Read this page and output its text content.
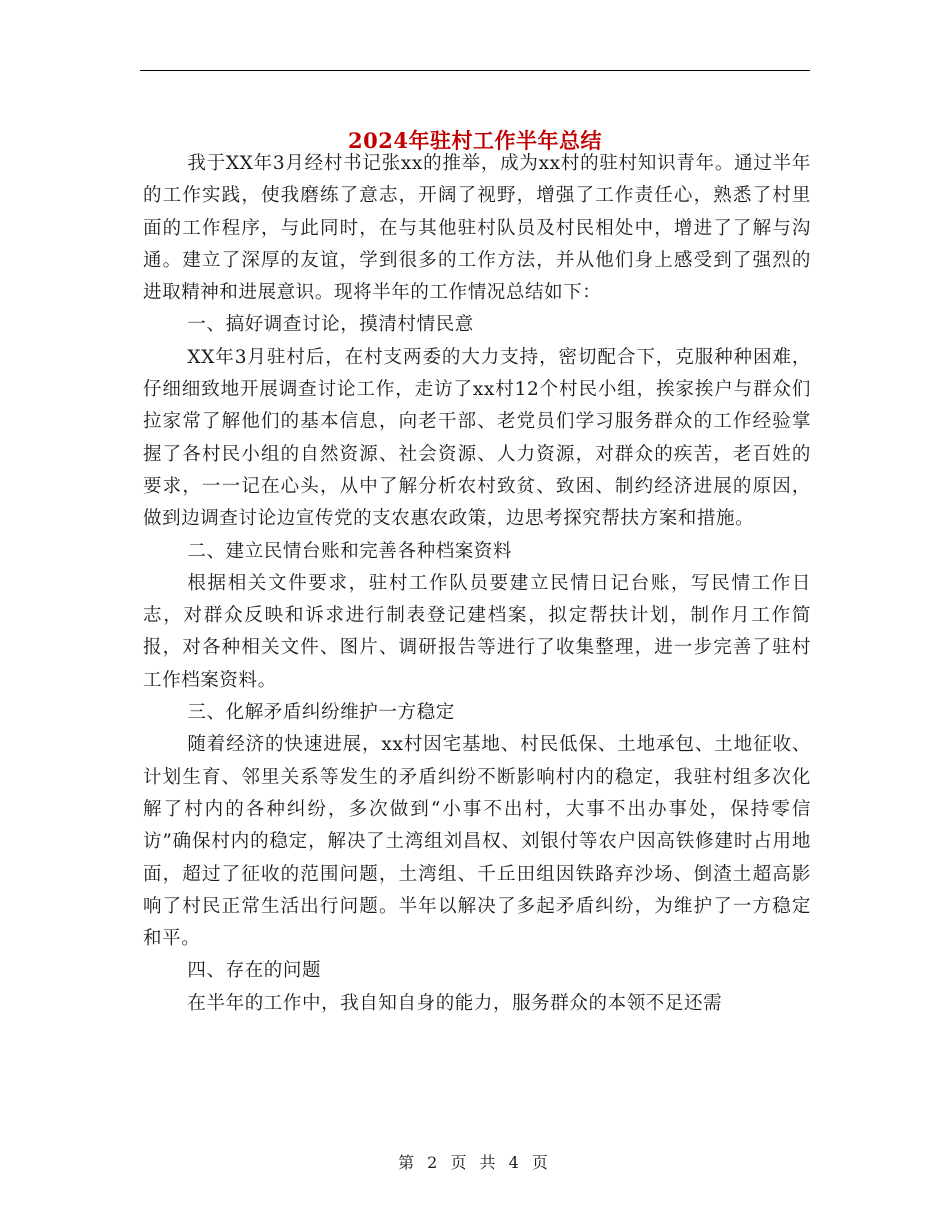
2024年驻村工作半年总结

我于XX年3月经村书记张xx的推举，成为xx村的驻村知识青年。通过半年的工作实践，使我磨练了意志，开阔了视野，增强了工作责任心，熟悉了村里面的工作程序，与此同时，在与其他驻村队员及村民相处中，增进了了解与沟通。建立了深厚的友谊，学到很多的工作方法，并从他们身上感受到了强烈的进取精神和进展意识。现将半年的工作情况总结如下：

一、搞好调查讨论，摸清村情民意

XX年3月驻村后，在村支两委的大力支持，密切配合下，克服种种困难，仔细细致地开展调查讨论工作，走访了xx村12个村民小组，挨家挨户与群众们拉家常了解他们的基本信息，向老干部、老党员们学习服务群众的工作经验掌握了各村民小组的自然资源、社会资源、人力资源，对群众的疾苦，老百姓的要求，一一记在心头，从中了解分析农村致贫、致困、制约经济进展的原因，做到边调查讨论边宣传党的支农惠农政策，边思考探究帮扶方案和措施。

二、建立民情台账和完善各种档案资料

根据相关文件要求，驻村工作队员要建立民情日记台账，写民情工作日志，对群众反映和诉求进行制表登记建档案，拟定帮扶计划，制作月工作简报，对各种相关文件、图片、调研报告等进行了收集整理，进一步完善了驻村工作档案资料。

三、化解矛盾纠纷维护一方稳定

随着经济的快速进展，xx村因宅基地、村民低保、土地承包、土地征收、计划生育、邻里关系等发生的矛盾纠纷不断影响村内的稳定，我驻村组多次化解了村内的各种纠纷，多次做到“小事不出村，大事不出办事处，保持零信访”确保村内的稳定，解决了土湾组刘昌权、刘银付等农户因高铁修建时占用地面，超过了征收的范围问题，土湾组、千丘田组因铁路弃沙场、倒渣土超高影响了村民正常生活出行问题。半年以解决了多起矛盾纠纷，为维护了一方稳定和平。

四、存在的问题

在半年的工作中，我自知自身的能力，服务群众的本领不足还需

第 2 页 共 4 页
